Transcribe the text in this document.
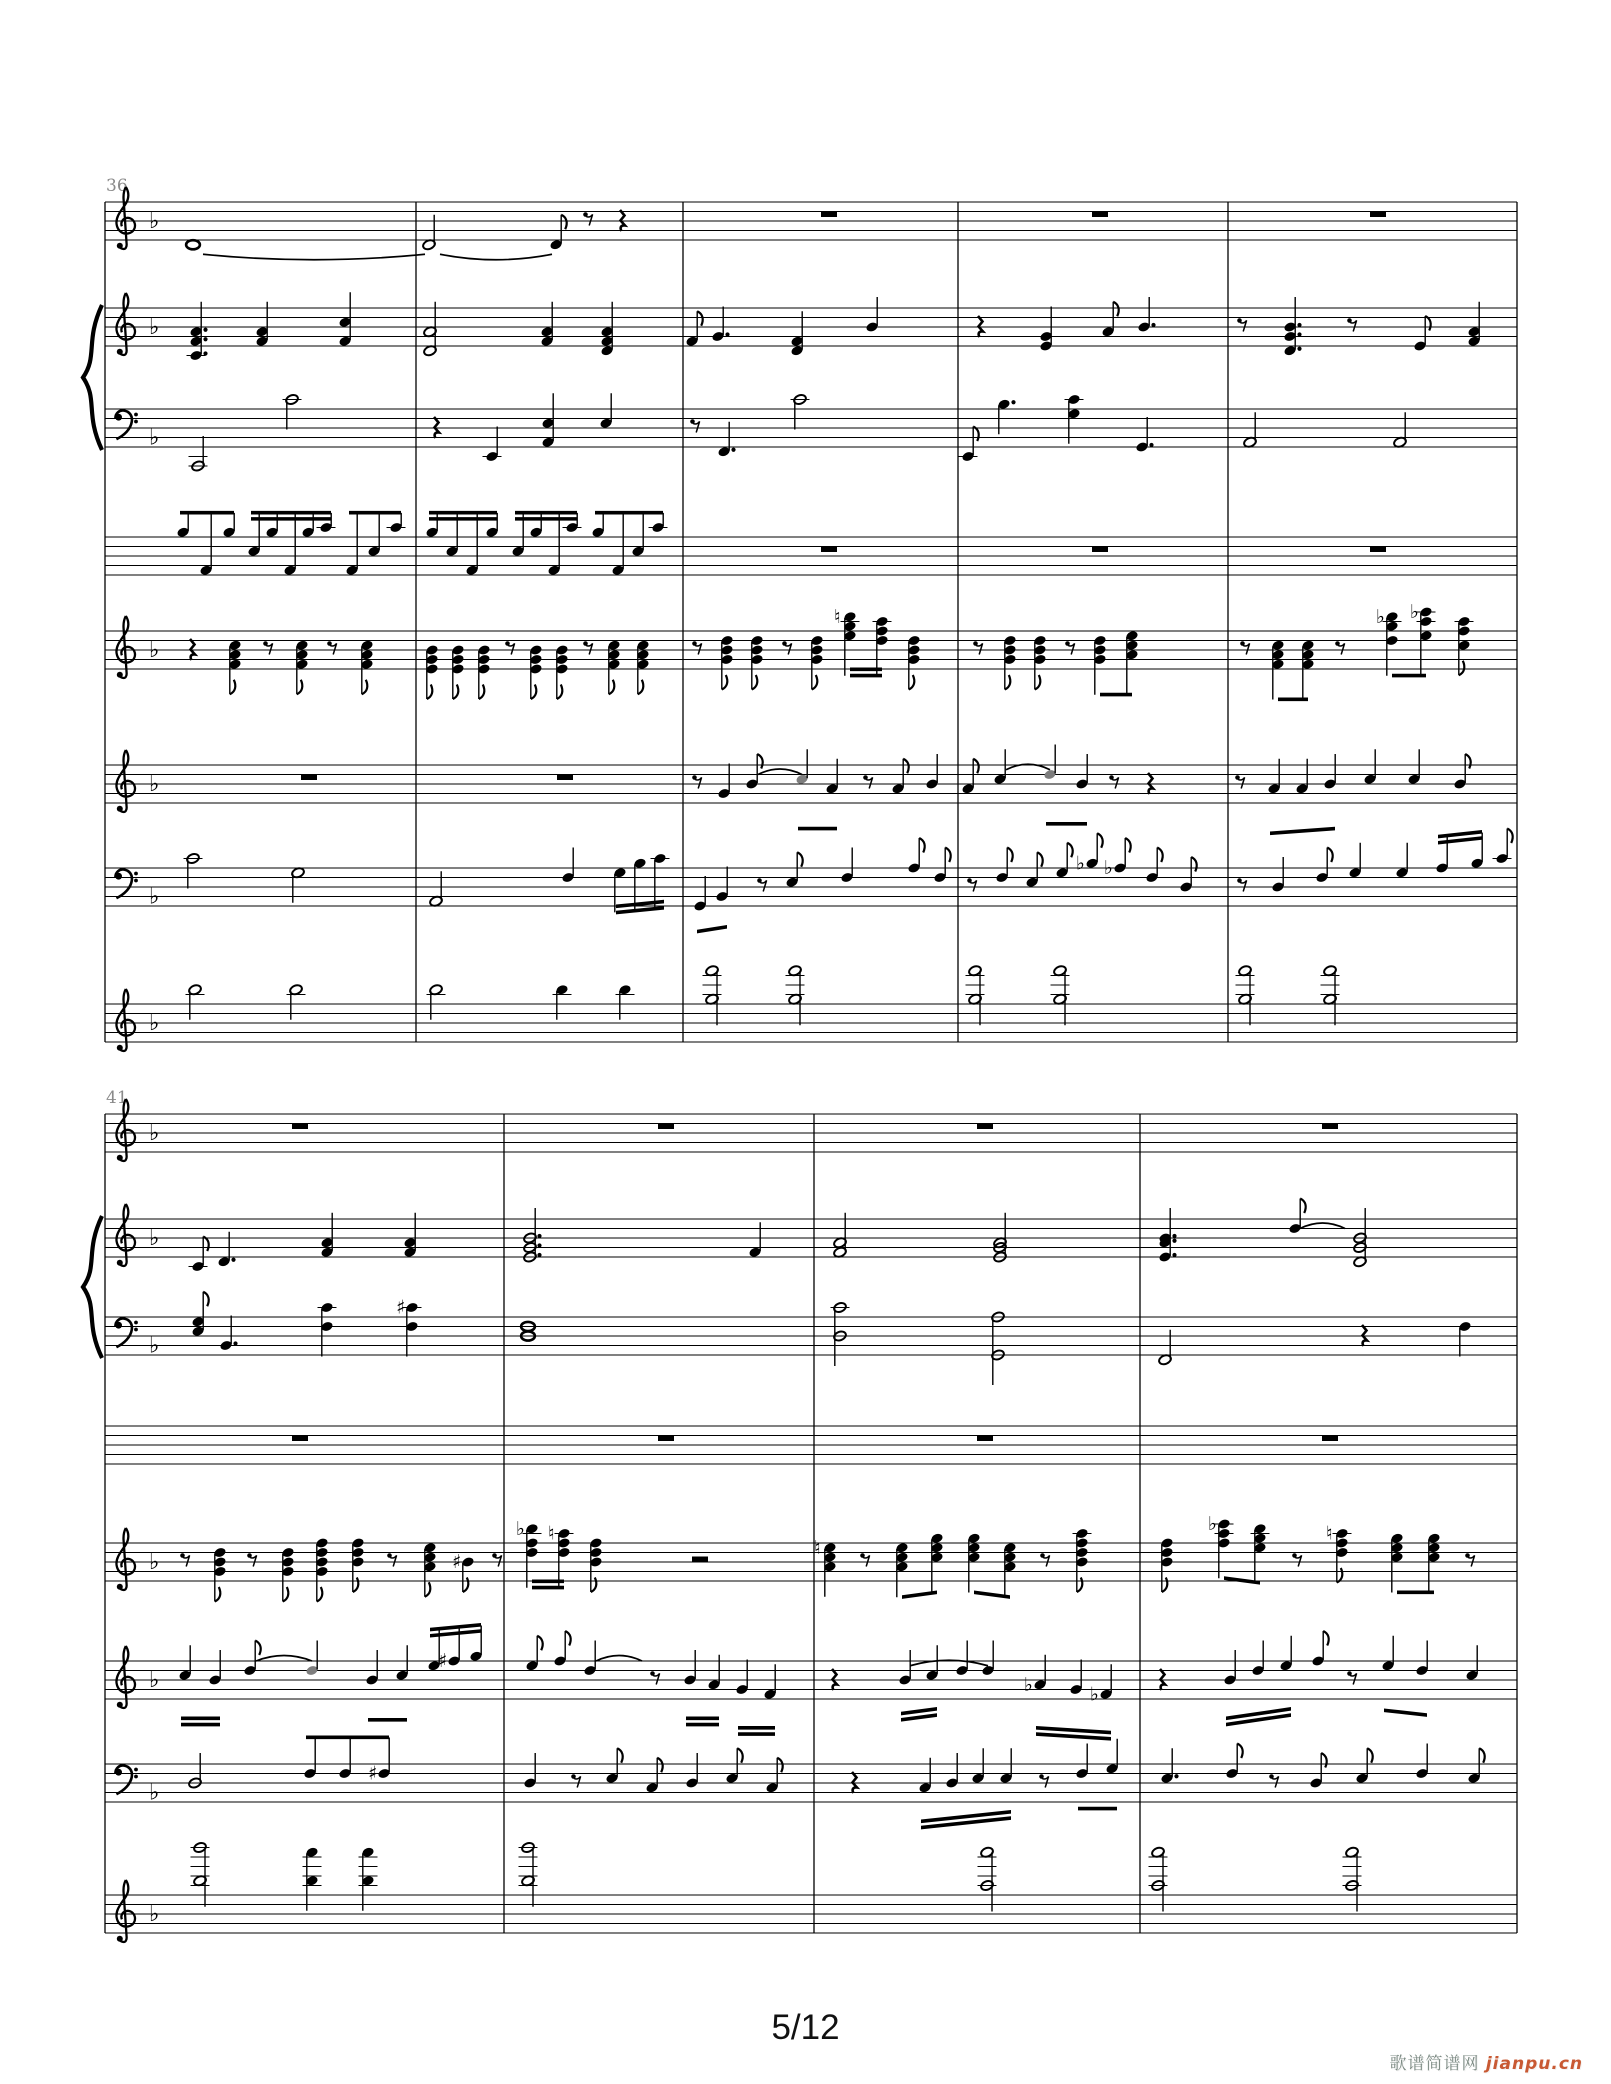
36
♭
♭
♭
♭
♭
♭
♭
♮	♭ ♭
♭ ♭
41
♭
♭
♭
♭
♭
♭
♭
♯
♯
♭ ♮
♮
♭	♮
♯
♭	♭
♯
5/12
歌谱简谱网 jianpu.cn
